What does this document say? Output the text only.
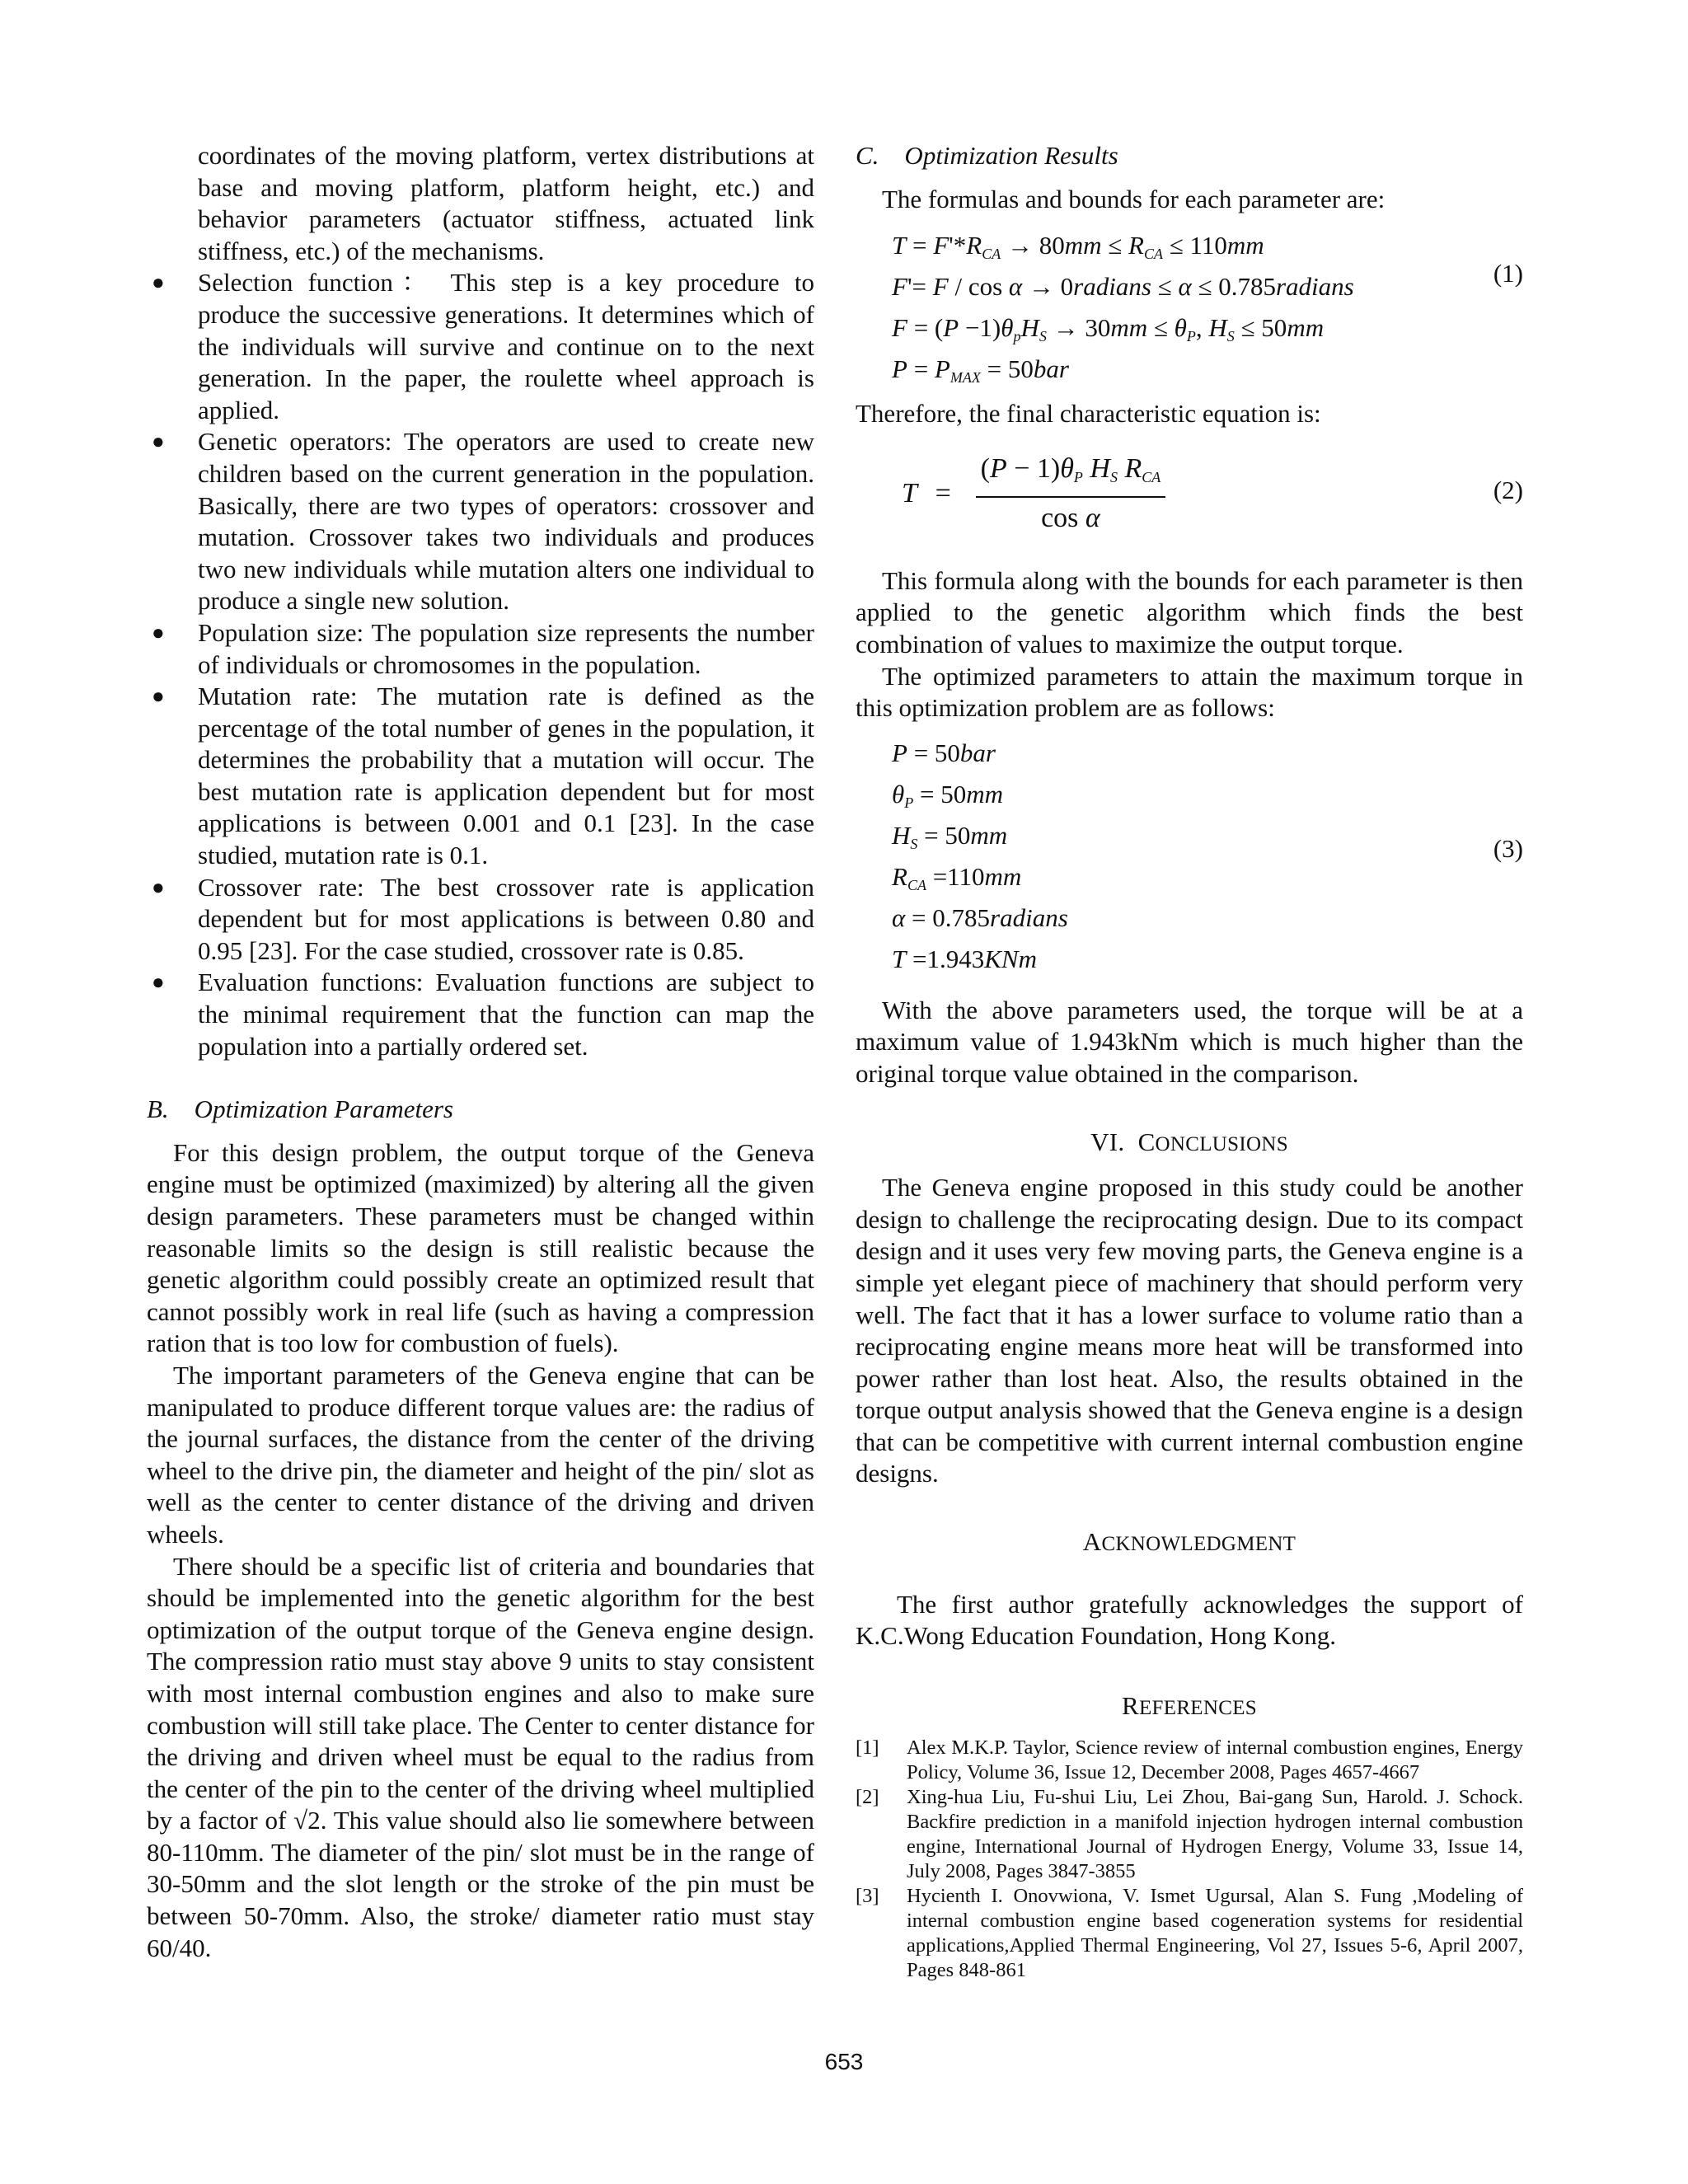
coordinates of the moving platform, vertex distributions at base and moving platform, platform height, etc.) and behavior parameters (actuator stiffness, actuated link stiffness, etc.) of the mechanisms.

● Selection function： This step is a key procedure to produce the successive generations. It determines which of the individuals will survive and continue on to the next generation. In the paper, the roulette wheel approach is applied.
● Genetic operators: The operators are used to create new children based on the current generation in the population. Basically, there are two types of operators: crossover and mutation. Crossover takes two individuals and produces two new individuals while mutation alters one individual to produce a single new solution.
● Population size: The population size represents the number of individuals or chromosomes in the population.
● Mutation rate: The mutation rate is defined as the percentage of the total number of genes in the population, it determines the probability that a mutation will occur. The best mutation rate is application dependent but for most applications is between 0.001 and 0.1 [23]. In the case studied, mutation rate is 0.1.
● Crossover rate: The best crossover rate is application dependent but for most applications is between 0.80 and 0.95 [23]. For the case studied, crossover rate is 0.85.
● Evaluation functions: Evaluation functions are subject to the minimal requirement that the function can map the population into a partially ordered set.

B. Optimization Parameters

For this design problem, the output torque of the Geneva engine must be optimized (maximized) by altering all the given design parameters. These parameters must be changed within reasonable limits so the design is still realistic because the genetic algorithm could possibly create an optimized result that cannot possibly work in real life (such as having a compression ration that is too low for combustion of fuels).

The important parameters of the Geneva engine that can be manipulated to produce different torque values are: the radius of the journal surfaces, the distance from the center of the driving wheel to the drive pin, the diameter and height of the pin/ slot as well as the center to center distance of the driving and driven wheels.

There should be a specific list of criteria and boundaries that should be implemented into the genetic algorithm for the best optimization of the output torque of the Geneva engine design. The compression ratio must stay above 9 units to stay consistent with most internal combustion engines and also to make sure combustion will still take place. The Center to center distance for the driving and driven wheel must be equal to the radius from the center of the pin to the center of the driving wheel multiplied by a factor of √2. This value should also lie somewhere between 80-110mm. The diameter of the pin/ slot must be in the range of 30-50mm and the slot length or the stroke of the pin must be between 50-70mm. Also, the stroke/ diameter ratio must stay 60/40.

C. Optimization Results

The formulas and bounds for each parameter are:

$T = F'*R_{CA} \to 80mm \le R_{CA} \le 110mm$
F'= F / cos α → 0radians ≤ α ≤ 0.785radians
$F = (P -1)\theta_pH_S \to 30mm \le \theta_P$, $H_S \le 50mm$
$P = P_{MAX} = 50bar$
(1)

Therefore, the final characteristic equation is:

$T = \frac{(P - 1)\theta_P H_S R_{CA}}{\text{cos α}}$	(2)

This formula along with the bounds for each parameter is then applied to the genetic algorithm which finds the best combination of values to maximize the output torque.

The optimized parameters to attain the maximum torque in this optimization problem are as follows:

P = 50bar
$\theta_P = 50mm$
$H_S = 50mm$
$R_{CA} =110mm$
α = 0.785radians
T =1.943KNm
(3)

With the above parameters used, the torque will be at a maximum value of 1.943kNm which is much higher than the original torque value obtained in the comparison.

VI. CONCLUSIONS

The Geneva engine proposed in this study could be another design to challenge the reciprocating design. Due to its compact design and it uses very few moving parts, the Geneva engine is a simple yet elegant piece of machinery that should perform very well. The fact that it has a lower surface to volume ratio than a reciprocating engine means more heat will be transformed into power rather than lost heat. Also, the results obtained in the torque output analysis showed that the Geneva engine is a design that can be competitive with current internal combustion engine designs.

ACKNOWLEDGMENT

The first author gratefully acknowledges the support of K.C.Wong Education Foundation, Hong Kong.

REFERENCES

[1] Alex M.K.P. Taylor, Science review of internal combustion engines, Energy Policy, Volume 36, Issue 12, December 2008, Pages 4657-4667
[2] Xing-hua Liu, Fu-shui Liu, Lei Zhou, Bai-gang Sun, Harold. J. Schock. Backfire prediction in a manifold injection hydrogen internal combustion engine, International Journal of Hydrogen Energy, Volume 33, Issue 14, July 2008, Pages 3847-3855
[3] Hycienth I. Onovwiona, V. Ismet Ugursal, Alan S. Fung ,Modeling of internal combustion engine based cogeneration systems for residential applications,Applied Thermal Engineering, Vol 27, Issues 5-6, April 2007, Pages 848-861
653
